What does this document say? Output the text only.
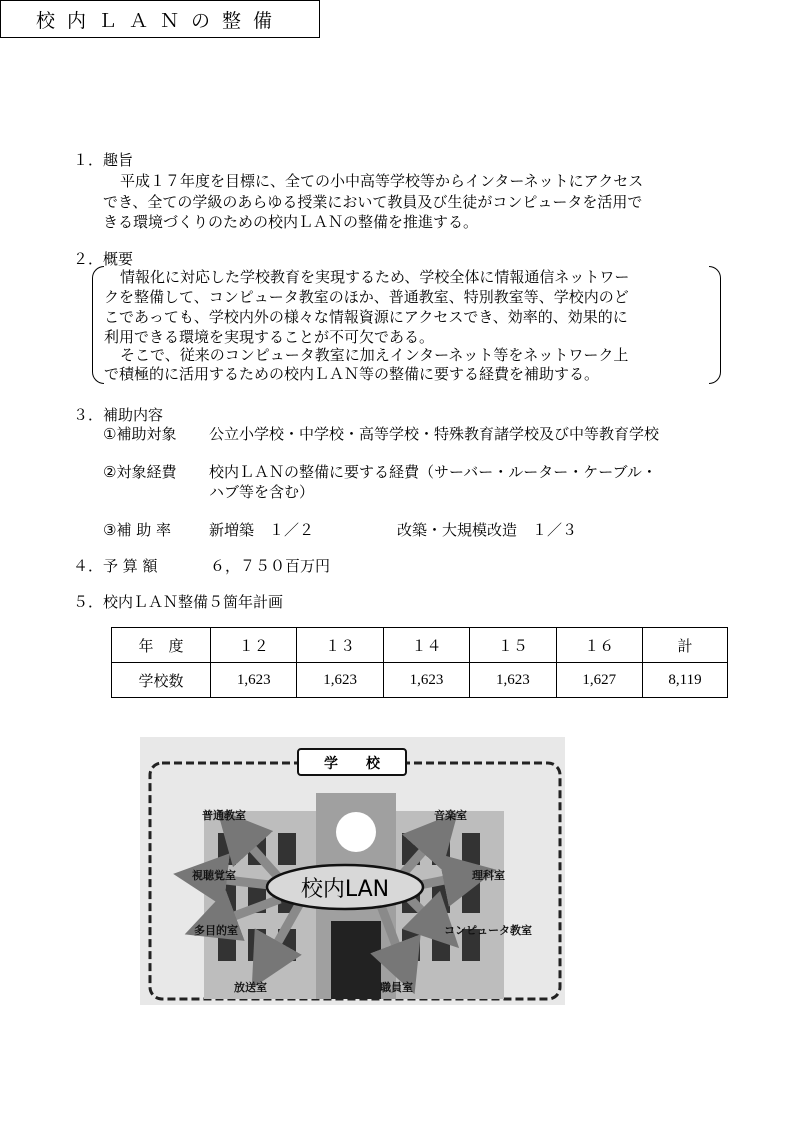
校内ＬＡＮの整備
１．趣旨
平成１７年度を目標に、全ての小中高等学校等からインターネットにアクセス
でき、全ての学級のあらゆる授業において教員及び生徒がコンピュータを活用で
きる環境づくりのための校内ＬＡＮの整備を推進する。
２．概要
情報化に対応した学校教育を実現するため、学校全体に情報通信ネットワー
クを整備して、コンピュータ教室のほか、普通教室、特別教室等、学校内のど
こであっても、学校内外の様々な情報資源にアクセスでき、効率的、効果的に
利用できる環境を実現することが不可欠である。
そこで、従来のコンピュータ教室に加えインターネット等をネットワーク上
で積極的に活用するための校内ＬＡＮ等の整備に要する経費を補助する。
３．補助内容
①補助対象 公立小学校・中学校・高等学校・特殊教育諸学校及び中等教育学校
②対象経費 校内ＬＡＮの整備に要する経費（サーバー・ルーター・ケーブル・
ハブ等を含む）
③補 助 率	新増築　１／２	改築・大規模改造　１／３
４．予 算 額	６，７５０百万円
５．校内ＬＡＮ整備５箇年計画
年　度	１２	１３	１４	１５	１６	計
学校数	1,623	1,623	1,623	1,623	1,627	8,119
学　　校
校内LAN
普通教室
視聴覚室
多目的室
放送室
音楽室
理科室
コンピュータ教室
職員室
